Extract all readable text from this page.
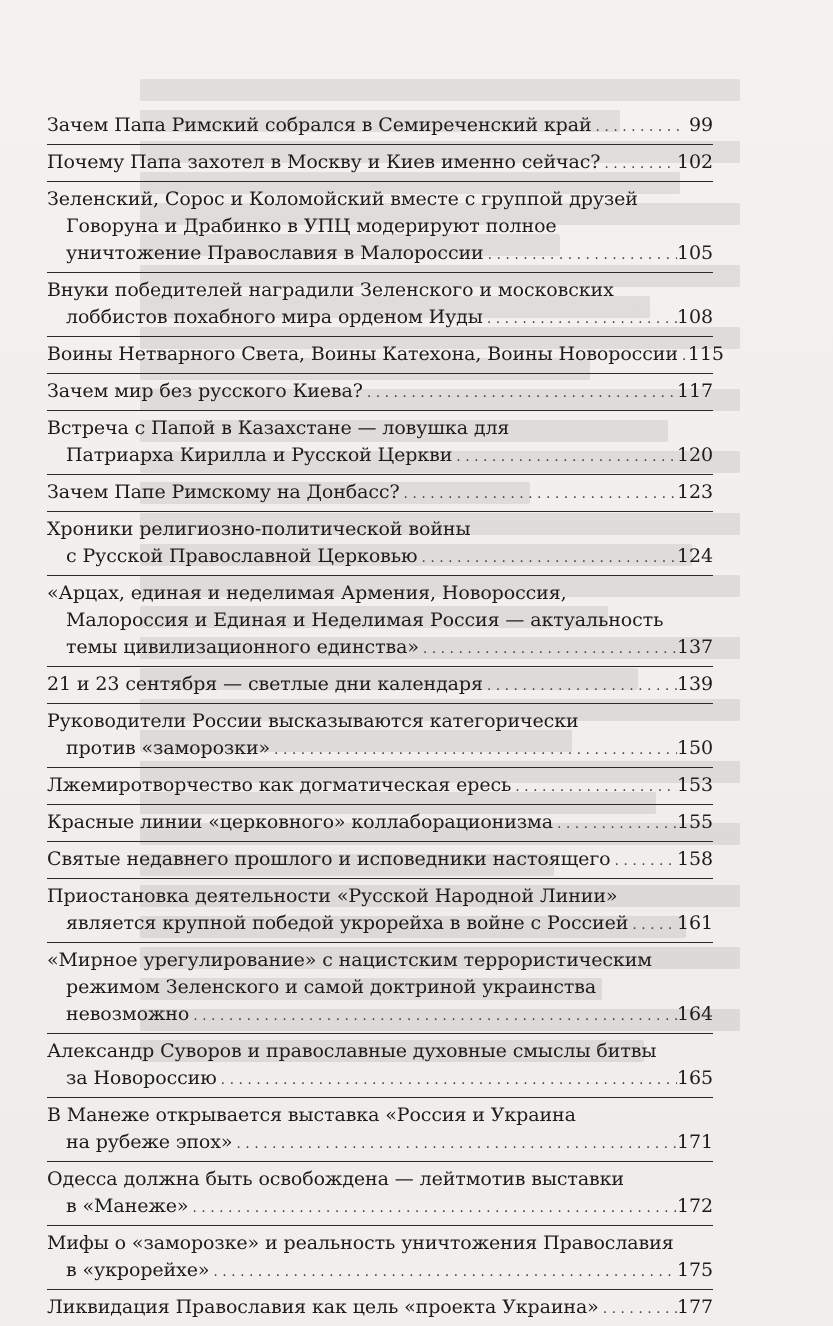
Зачем Папа Римский собрался в Семиреченский край . . .	99
Почему Папа захотел в Москву и Киев именно сейчас? . . .	102
Зеленский, Сорос и Коломойский вместе с группой друзей
Говоруна и Драбинко в УПЦ модерируют полное
уничтожение Православия в Малороссии . . .	105
Внуки победителей наградили Зеленского и московских
лоббистов похабного мира орденом Иуды . . .	108
Воины Нетварного Света, Воины Катехона, Воины Новороссии . . . 115
Зачем мир без русского Киева? . . .	117
Встреча с Папой в Казахстане — ловушка для
Патриарха Кирилла и Русской Церкви . . .	120
Зачем Папе Римскому на Донбасс? . . .	123
Хроники религиозно-политической войны
с Русской Православной Церковью . . .	124
«Арцах, единая и неделимая Армения, Новороссия,
Малороссия и Единая и Неделимая Россия — актуальность
темы цивилизационного единства» . . .	137
21 и 23 сентября — светлые дни календаря . . .	139
Руководители России высказываются категорически
против «заморозки» . . .	150
Лжемиротворчество как догматическая ересь . . .	153
Красные линии «церковного» коллаборационизма . . .	155
Святые недавнего прошлого и исповедники настоящего . . .	158
Приостановка деятельности «Русской Народной Линии»
является крупной победой укрорейха в войне с Россией . . .	161
«Мирное урегулирование» с нацистским террористическим
режимом Зеленского и самой доктриной украинства
невозможно . . .	164
Александр Суворов и православные духовные смыслы битвы
за Новороссию . . .	165
В Манеже открывается выставка «Россия и Украина
на рубеже эпох» . . .	171
Одесса должна быть освобождена — лейтмотив выставки
в «Манеже» . . .	172
Мифы о «заморозке» и реальность уничтожения Православия
в «укрорейхе» . . .	175
Ликвидация Православия как цель «проекта Украина» . . .	177
